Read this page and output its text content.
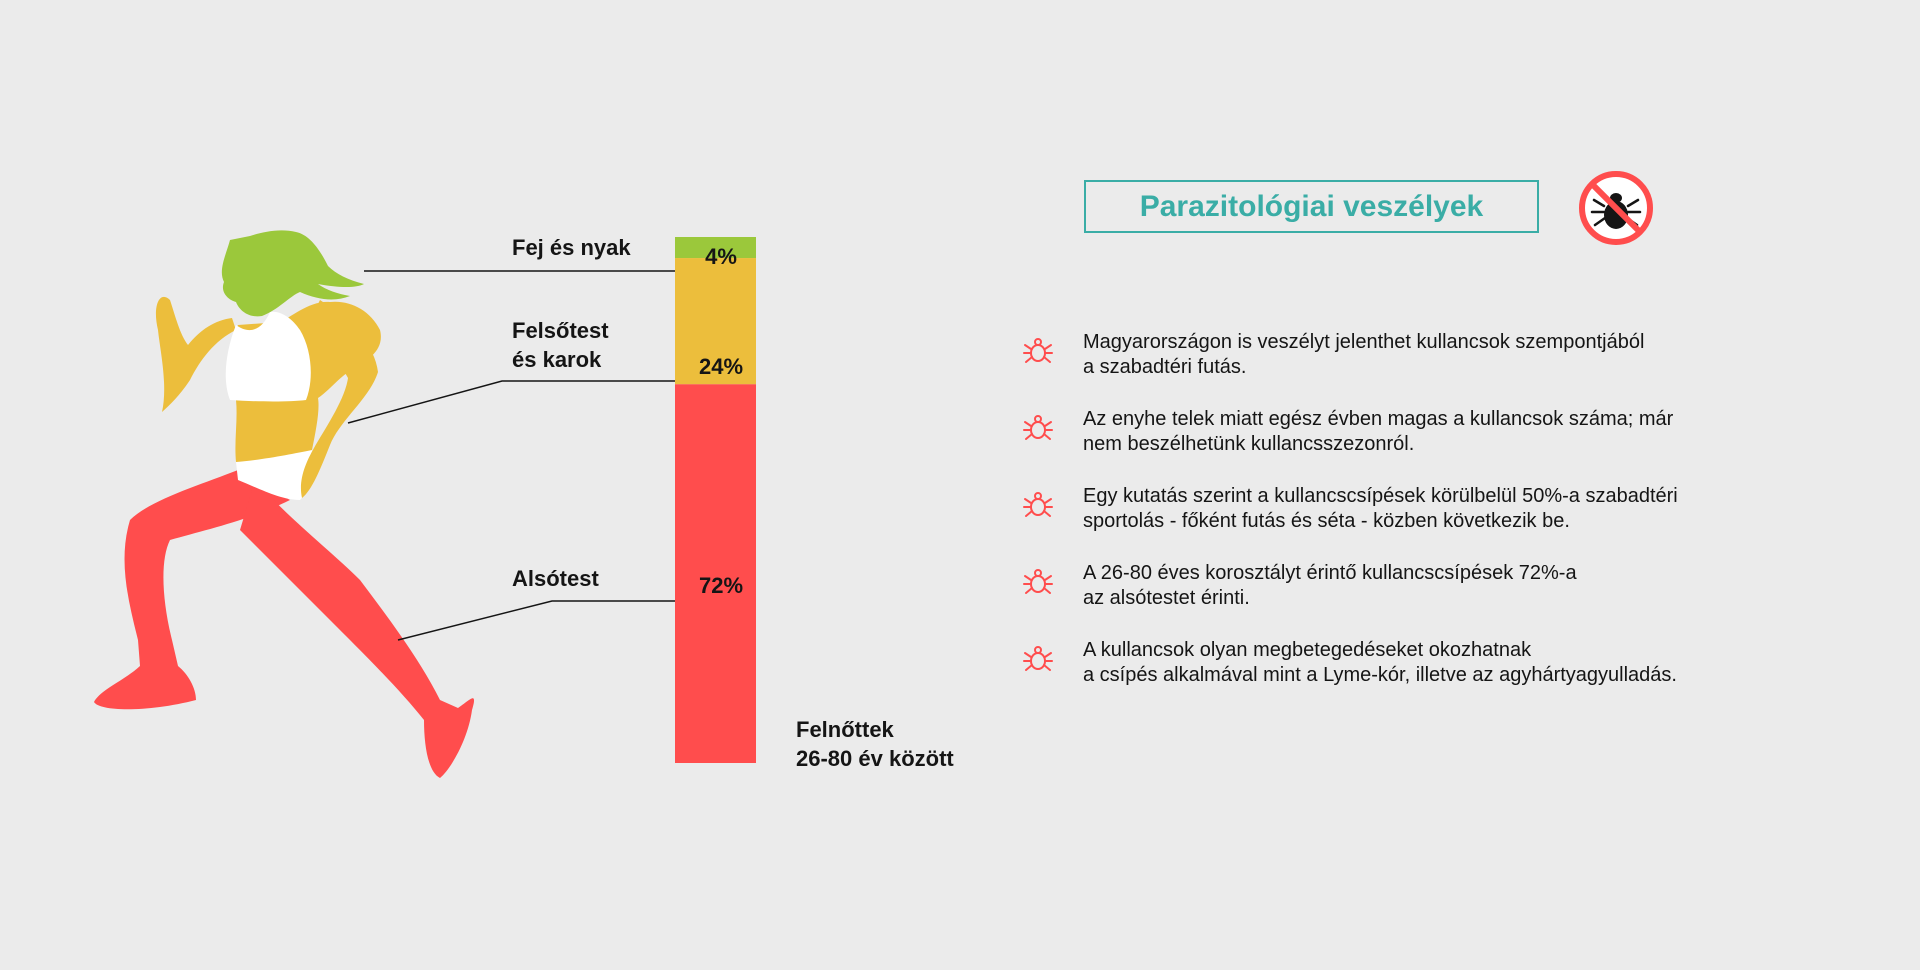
Fej és nyak
Felsőtest
és karok
Alsótest
4%
24%
72%
Felnőttek
26-80 év között
Parazitológiai veszélyek
Magyarországon is veszélyt jelenthet kullancsok szempontjából
a szabadtéri futás.
Az enyhe telek miatt egész évben magas a kullancsok száma; már
nem beszélhetünk kullancsszezonról.
Egy kutatás szerint a kullancscsípések körülbelül 50%-a szabadtéri
sportolás - főként futás és séta - közben következik be.
A 26-80 éves korosztályt érintő kullancscsípések 72%-a
az alsótestet érinti.
A kullancsok olyan megbetegedéseket okozhatnak
a csípés alkalmával mint a Lyme-kór, illetve az agyhártyagyulladás.
